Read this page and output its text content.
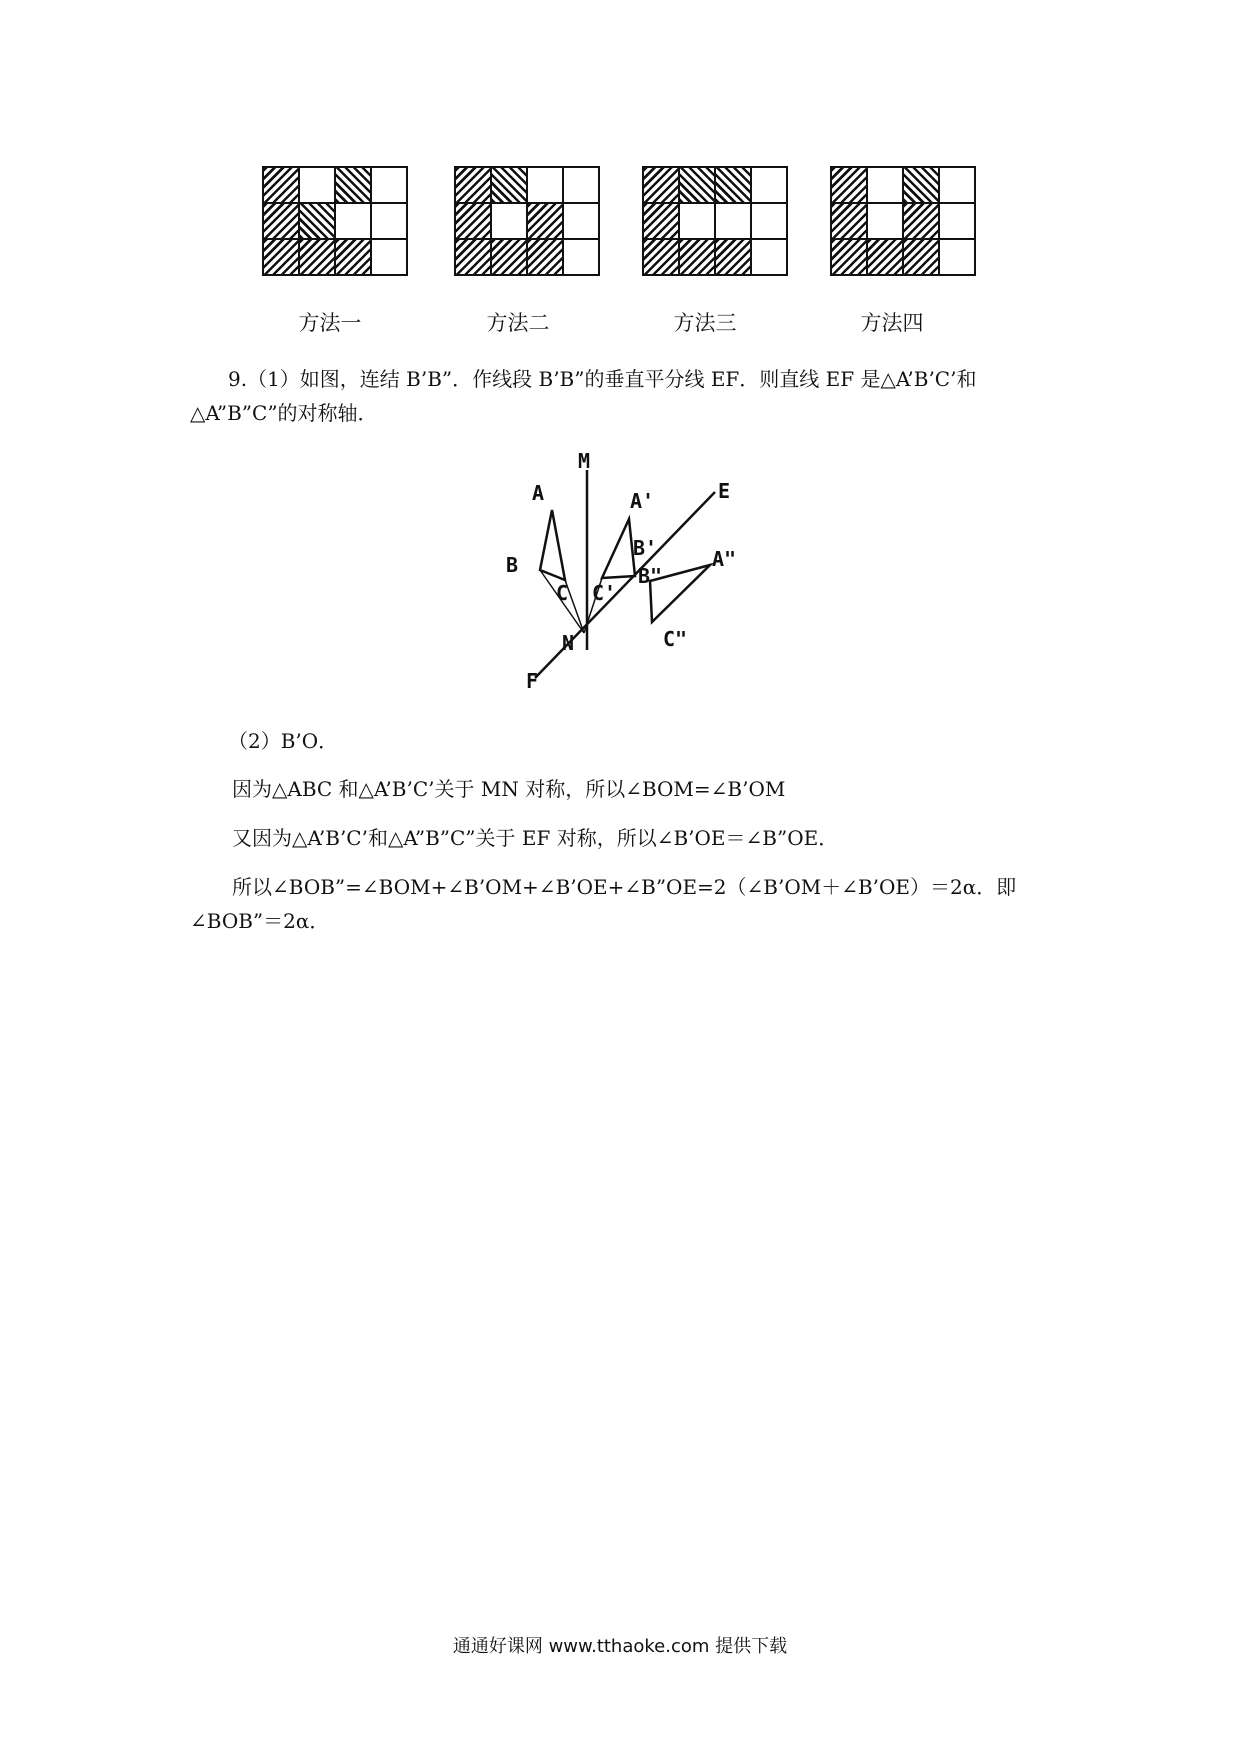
方法一	方法二	方法三	方法四
9.（1）如图，连结 B’B”．作线段 B’B”的垂直平分线 EF．则直线 EF 是△A’B’C’和
△A”B”C”的对称轴．
A
M
A'	E
B'
B
C C'
B"
A"
C"
N
F
（2）B’O．
因为△ABC 和△A’B’C’关于 MN 对称，所以∠BOM=∠B’OM
又因为△A’B’C’和△A”B”C”关于 EF 对称，所以∠B’OE＝∠B”OE．
所以∠BOB”=∠BOM+∠B’OM+∠B’OE+∠B”OE=2（∠B’OM＋∠B’OE）＝2α．即
∠BOB”＝2α．
通通好课网 www.tthaoke.com 提供下载
